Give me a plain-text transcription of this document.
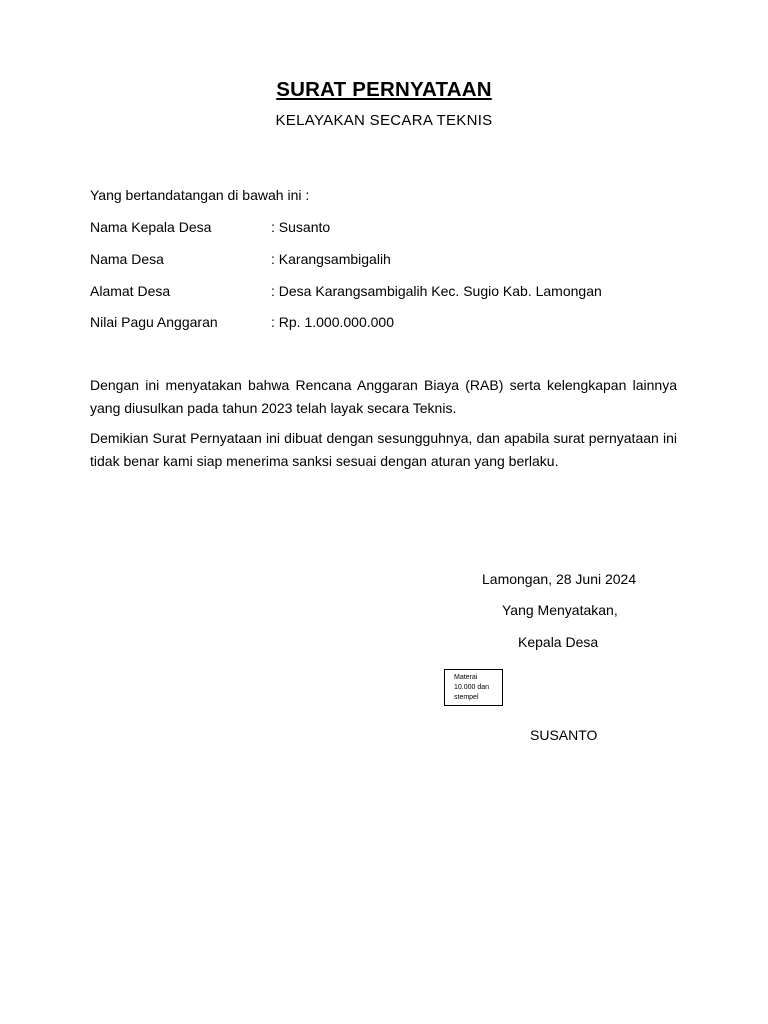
SURAT PERNYATAAN
KELAYAKAN SECARA TEKNIS
Yang bertandatangan di bawah ini :
Nama Kepala Desa	: Susanto
Nama Desa	: Karangsambigalih
Alamat Desa	: Desa Karangsambigalih Kec. Sugio Kab. Lamongan
Nilai Pagu Anggaran	: Rp. 1.000.000.000
Dengan ini menyatakan bahwa Rencana Anggaran Biaya (RAB) serta kelengkapan lainnya yang diusulkan pada tahun 2023 telah layak secara Teknis.
Demikian Surat Pernyataan ini dibuat dengan sesungguhnya, dan apabila surat pernyataan ini tidak benar kami siap menerima sanksi sesuai dengan aturan yang berlaku.
Lamongan, 28 Juni 2024
Yang Menyatakan,
Kepala Desa
Materai
10.000 dan
stempel
SUSANTO
